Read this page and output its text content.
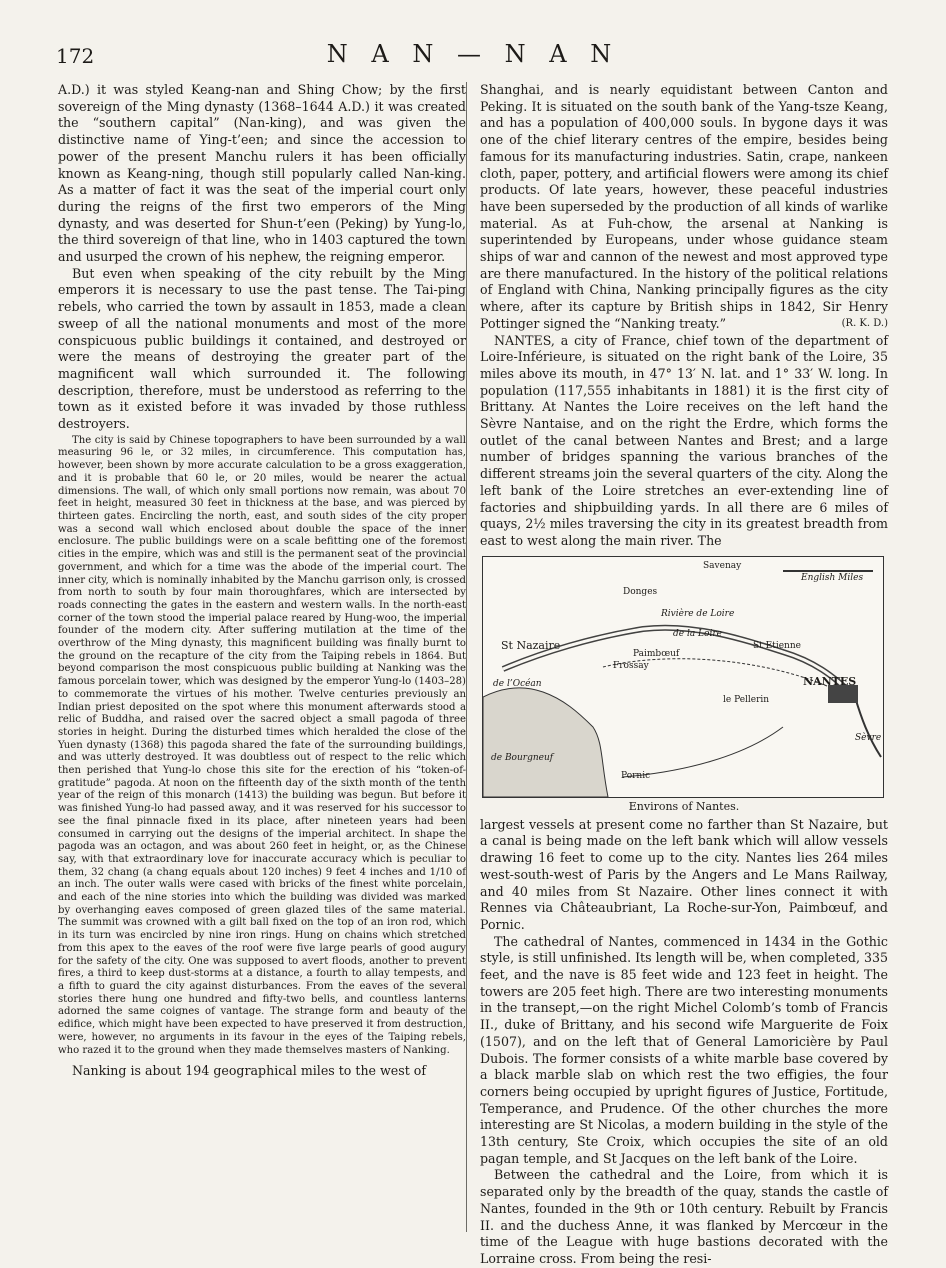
172	N A N — N A N

A.D.) it was styled Keang-nan and Shing Chow; by the first sovereign of the Ming dynasty (1368–1644 A.D.) it was created the “southern capital” (Nan-king), and was given the distinctive name of Ying-t’een; and since the accession to power of the present Manchu rulers it has been officially known as Keang-ning, though still popularly called Nan-king. As a matter of fact it was the seat of the imperial court only during the reigns of the first two emperors of the Ming dynasty, and was deserted for Shun-t’een (Peking) by Yung-lo, the third sovereign of that line, who in 1403 captured the town and usurped the crown of his nephew, the reigning emperor.

But even when speaking of the city rebuilt by the Ming emperors it is necessary to use the past tense. The Tai-ping rebels, who carried the town by assault in 1853, made a clean sweep of all the national monuments and most of the more conspicuous public buildings it contained, and destroyed or were the means of destroying the greater part of the magnificent wall which surrounded it. The following description, therefore, must be understood as referring to the town as it existed before it was invaded by those ruthless destroyers.

The city is said by Chinese topographers to have been surrounded by a wall measuring 96 le, or 32 miles, in circumference. This computation has, however, been shown by more accurate calculation to be a gross exaggeration, and it is probable that 60 le, or 20 miles, would be nearer the actual dimensions. The wall, of which only small portions now remain, was about 70 feet in height, measured 30 feet in thickness at the base, and was pierced by thirteen gates. Encircling the north, east, and south sides of the city proper was a second wall which enclosed about double the space of the inner enclosure. The public buildings were on a scale befitting one of the foremost cities in the empire, which was and still is the permanent seat of the provincial government, and which for a time was the abode of the imperial court. The inner city, which is nominally inhabited by the Manchu garrison only, is crossed from north to south by four main thoroughfares, which are intersected by roads connecting the gates in the eastern and western walls. In the north-east corner of the town stood the imperial palace reared by Hung-woo, the imperial founder of the modern city. After suffering mutilation at the time of the overthrow of the Ming dynasty, this magnificent building was finally burnt to the ground on the recapture of the city from the Taiping rebels in 1864. But beyond comparison the most conspicuous public building at Nanking was the famous porcelain tower, which was designed by the emperor Yung-lo (1403–28) to commemorate the virtues of his mother. Twelve centuries previously an Indian priest deposited on the spot where this monument afterwards stood a relic of Buddha, and raised over the sacred object a small pagoda of three stories in height. During the disturbed times which heralded the close of the Yuen dynasty (1368) this pagoda shared the fate of the surrounding buildings, and was utterly destroyed. It was doubtless out of respect to the relic which then perished that Yung-lo chose this site for the erection of his “token-of-gratitude” pagoda. At noon on the fifteenth day of the sixth month of the tenth year of the reign of this monarch (1413) the building was begun. But before it was finished Yung-lo had passed away, and it was reserved for his successor to see the final pinnacle fixed in its place, after nineteen years had been consumed in carrying out the designs of the imperial architect. In shape the pagoda was an octagon, and was about 260 feet in height, or, as the Chinese say, with that extraordinary love for inaccurate accuracy which is peculiar to them, 32 chang (a chang equals about 120 inches) 9 feet 4 inches and 1/10 of an inch. The outer walls were cased with bricks of the finest white porcelain, and each of the nine stories into which the building was divided was marked by overhanging eaves composed of green glazed tiles of the same material. The summit was crowned with a gilt ball fixed on the top of an iron rod, which in its turn was encircled by nine iron rings. Hung on chains which stretched from this apex to the eaves of the roof were five large pearls of good augury for the safety of the city. One was supposed to avert floods, another to prevent fires, a third to keep dust-storms at a distance, a fourth to allay tempests, and a fifth to guard the city against disturbances. From the eaves of the several stories there hung one hundred and fifty-two bells, and countless lanterns adorned the same coignes of vantage. The strange form and beauty of the edifice, which might have been expected to have preserved it from destruction, were, however, no arguments in its favour in the eyes of the Taiping rebels, who razed it to the ground when they made themselves masters of Nanking.

Nanking is about 194 geographical miles to the west of

Shanghai, and is nearly equidistant between Canton and Peking. It is situated on the south bank of the Yang-tsze Keang, and has a population of 400,000 souls. In bygone days it was one of the chief literary centres of the empire, besides being famous for its manufacturing industries. Satin, crape, nankeen cloth, paper, pottery, and artificial flowers were among its chief products. Of late years, however, these peaceful industries have been superseded by the production of all kinds of warlike material. As at Fuh-chow, the arsenal at Nanking is superintended by Europeans, under whose guidance steam ships of war and cannon of the newest and most approved type are there manufactured. In the history of the political relations of England with China, Nanking principally figures as the city where, after its capture by British ships in 1842, Sir Henry Pottinger signed the “Nanking treaty.”	(R. K. D.)

NANTES, a city of France, chief town of the department of Loire-Inférieure, is situated on the right bank of the Loire, 35 miles above its mouth, in 47° 13′ N. lat. and 1° 33′ W. long. In population (117,555 inhabitants in 1881) it is the first city of Brittany. At Nantes the Loire receives on the left hand the Sèvre Nantaise, and on the right the Erdre, which forms the outlet of the canal between Nantes and Brest; and a large number of bridges spanning the various branches of the different streams join the several quarters of the city. Along the left bank of the Loire stretches an ever-extending line of factories and shipbuilding yards. In all there are 6 miles of quays, 2½ miles traversing the city in its greatest breadth from east to west along the main river. The

Savenay
English Miles
Donges
Rivière de Loire
St Nazaire
Paimbœuf
Frossay
St Etienne
de la Loire
de l’Océan	NANTES
le Pellerin
Sèvre
de Bourgneuf
Pornic
Environs of Nantes.

largest vessels at present come no farther than St Nazaire, but a canal is being made on the left bank which will allow vessels drawing 16 feet to come up to the city. Nantes lies 264 miles west-south-west of Paris by the Angers and Le Mans Railway, and 40 miles from St Nazaire. Other lines connect it with Rennes via Châteaubriant, La Roche-sur-Yon, Paimbœuf, and Pornic.

The cathedral of Nantes, commenced in 1434 in the Gothic style, is still unfinished. Its length will be, when completed, 335 feet, and the nave is 85 feet wide and 123 feet in height. The towers are 205 feet high. There are two interesting monuments in the transept,—on the right Michel Colomb’s tomb of Francis II., duke of Brittany, and his second wife Marguerite de Foix (1507), and on the left that of General Lamoricière by Paul Dubois. The former consists of a white marble base covered by a black marble slab on which rest the two effigies, the four corners being occupied by upright figures of Justice, Fortitude, Temperance, and Prudence. Of the other churches the more interesting are St Nicolas, a modern building in the style of the 13th century, Ste Croix, which occupies the site of an old pagan temple, and St Jacques on the left bank of the Loire.

Between the cathedral and the Loire, from which it is separated only by the breadth of the quay, stands the castle of Nantes, founded in the 9th or 10th century. Rebuilt by Francis II. and the duchess Anne, it was flanked by Mercœur in the time of the League with huge bastions decorated with the Lorraine cross. From being the resi-
